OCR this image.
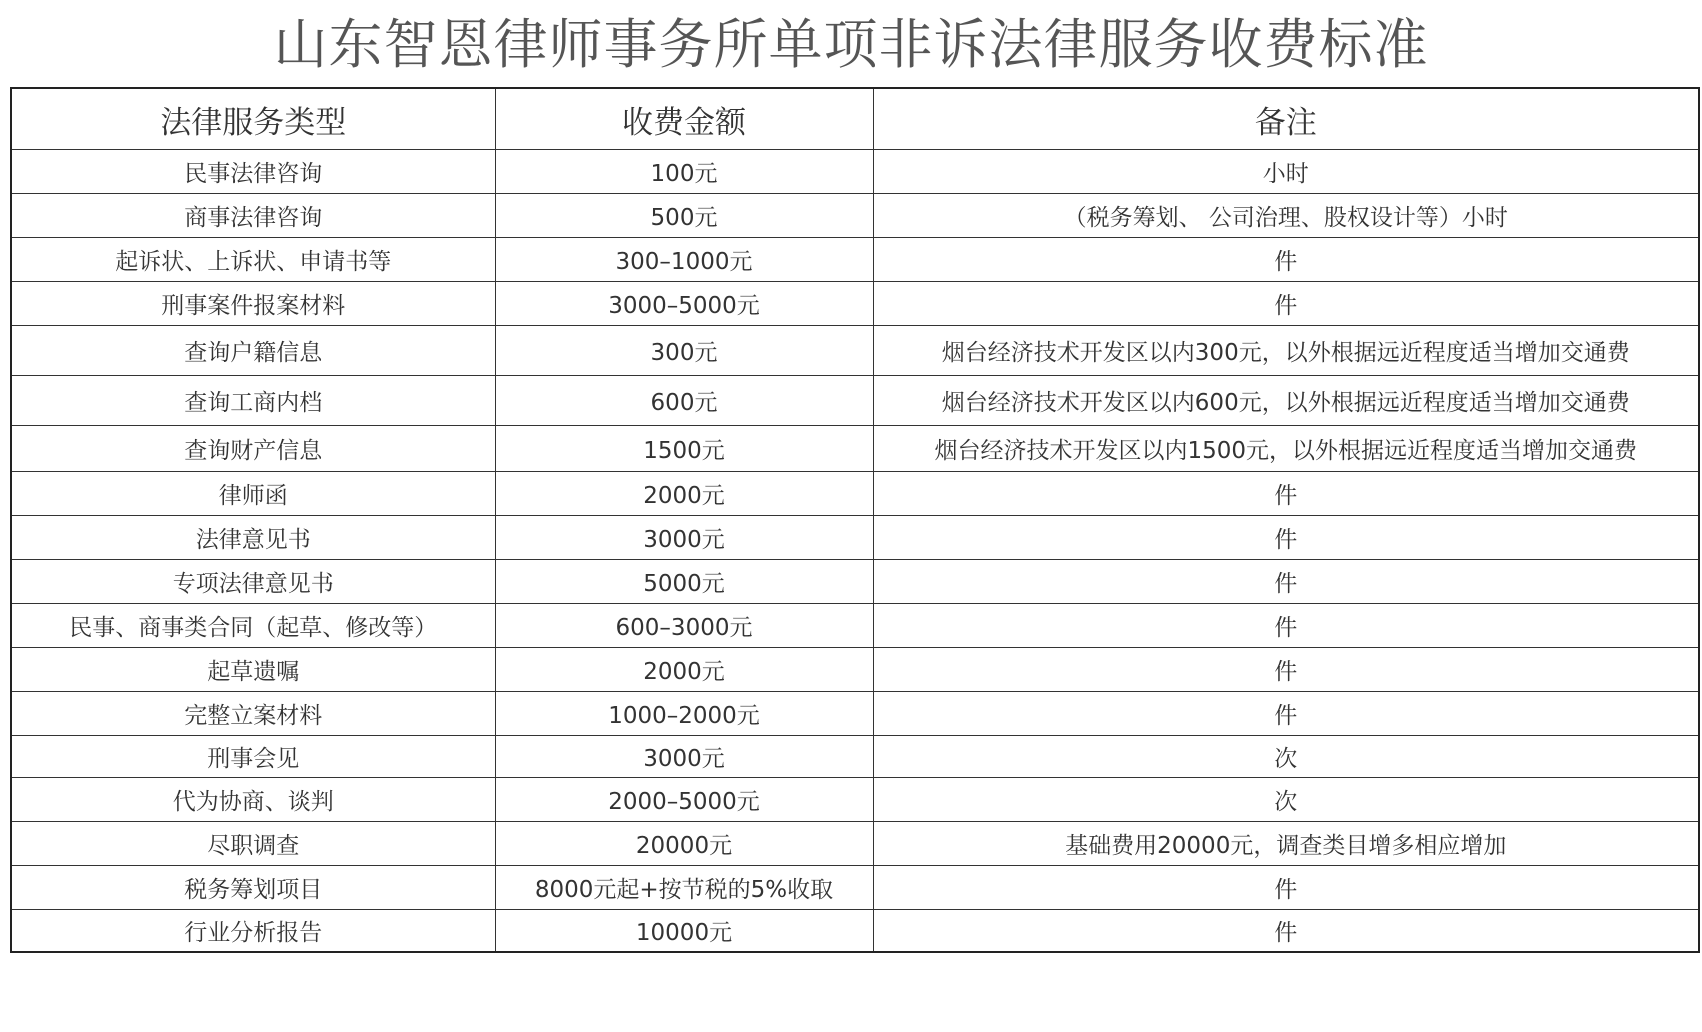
山东智恩律师事务所单项非诉法律服务收费标准
法律服务类型	收费金额	备注
民事法律咨询	100元	小时
商事法律咨询	500元	（税务筹划、 公司治理、股权设计等）小时
起诉状、上诉状、申请书等	300–1000元	件
刑事案件报案材料	3000–5000元	件
查询户籍信息	300元	烟台经济技术开发区以内300元，以外根据远近程度适当增加交通费
查询工商内档	600元	烟台经济技术开发区以内600元，以外根据远近程度适当增加交通费
查询财产信息	1500元	烟台经济技术开发区以内1500元，以外根据远近程度适当增加交通费
律师函	2000元	件
法律意见书	3000元	件
专项法律意见书	5000元	件
民事、商事类合同（起草、修改等）	600–3000元	件
起草遗嘱	2000元	件
完整立案材料	1000–2000元	件
刑事会见	3000元	次
代为协商、谈判	2000–5000元	次
尽职调查	20000元	基础费用20000元，调查类目增多相应增加
税务筹划项目	8000元起+按节税的5%收取	件
行业分析报告	10000元	件
